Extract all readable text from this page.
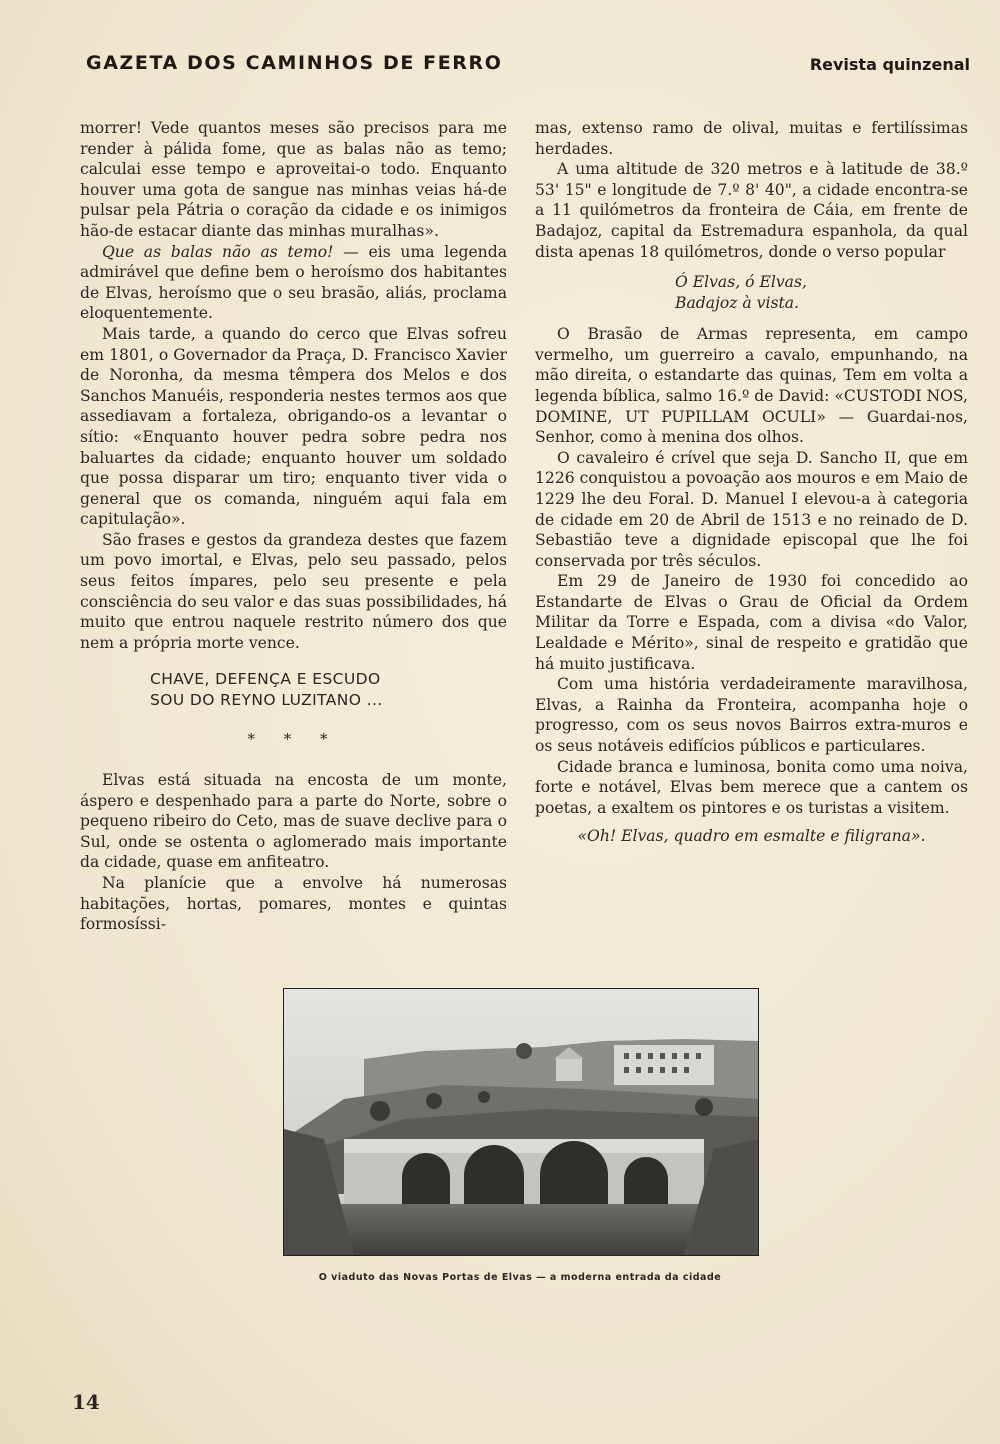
GAZETA DOS CAMINHOS DE FERRO	Revista quinzenal

morrer! Vede quantos meses são precisos para me render à pálida fome, que as balas não as temo; calculai esse tempo e aproveitai-o todo. Enquanto houver uma gota de sangue nas minhas veias há-de pulsar pela Pátria o coração da cidade e os inimigos hão-de estacar diante das minhas muralhas».

Que as balas não as temo! — eis uma legenda admirável que define bem o heroísmo dos habitantes de Elvas, heroísmo que o seu brasão, aliás, proclama eloquentemente.

Mais tarde, a quando do cerco que Elvas sofreu em 1801, o Governador da Praça, D. Francisco Xavier de Noronha, da mesma têmpera dos Melos e dos Sanchos Manuéis, responderia nestes termos aos que assediavam a fortaleza, obrigando-os a levantar o sítio: «Enquanto houver pedra sobre pedra nos baluartes da cidade; enquanto houver um soldado que possa disparar um tiro; enquanto tiver vida o general que os comanda, ninguém aqui fala em capitulação».

São frases e gestos da grandeza destes que fazem um povo imortal, e Elvas, pelo seu passado, pelos seus feitos ímpares, pelo seu presente e pela consciência do seu valor e das suas possibilidades, há muito que entrou naquele restrito número dos que nem a própria morte vence.

CHAVE, DEFENÇA E ESCUDO
SOU DO REYNO LUZITANO ...
* * *

Elvas está situada na encosta de um monte, áspero e despenhado para a parte do Norte, sobre o pequeno ribeiro do Ceto, mas de suave declive para o Sul, onde se ostenta o aglomerado mais importante da cidade, quase em anfiteatro.

Na planície que a envolve há numerosas habitações, hortas, pomares, montes e quintas formosíssi-

mas, extenso ramo de olival, muitas e fertilíssimas herdades.

A uma altitude de 320 metros e à latitude de 38.º 53' 15" e longitude de 7.º 8' 40", a cidade encontra-se a 11 quilómetros da fronteira de Cáia, em frente de Badajoz, capital da Estremadura espanhola, da qual dista apenas 18 quilómetros, donde o verso popular

Ó Elvas, ó Elvas,
Badajoz à vista.

O Brasão de Armas representa, em campo vermelho, um guerreiro a cavalo, empunhando, na mão direita, o estandarte das quinas, Tem em volta a legenda bíblica, salmo 16.º de David: «CUSTODI NOS, DOMINE, UT PUPILLAM OCULI» — Guardai-nos, Senhor, como à menina dos olhos.

O cavaleiro é crível que seja D. Sancho II, que em 1226 conquistou a povoação aos mouros e em Maio de 1229 lhe deu Foral. D. Manuel I elevou-a à categoria de cidade em 20 de Abril de 1513 e no reinado de D. Sebastião teve a dignidade episcopal que lhe foi conservada por três séculos.

Em 29 de Janeiro de 1930 foi concedido ao Estandarte de Elvas o Grau de Oficial da Ordem Militar da Torre e Espada, com a divisa «do Valor, Lealdade e Mérito», sinal de respeito e gratidão que há muito justificava.

Com uma história verdadeiramente maravilhosa, Elvas, a Rainha da Fronteira, acompanha hoje o progresso, com os seus novos Bairros extra-muros e os seus notáveis edifícios públicos e particulares.

Cidade branca e luminosa, bonita como uma noiva, forte e notável, Elvas bem merece que a cantem os poetas, a exaltem os pintores e os turistas a visitem.

«Oh! Elvas, quadro em esmalte e filigrana».
O viaduto das Novas Portas de Elvas — a moderna entrada da cidade
14
